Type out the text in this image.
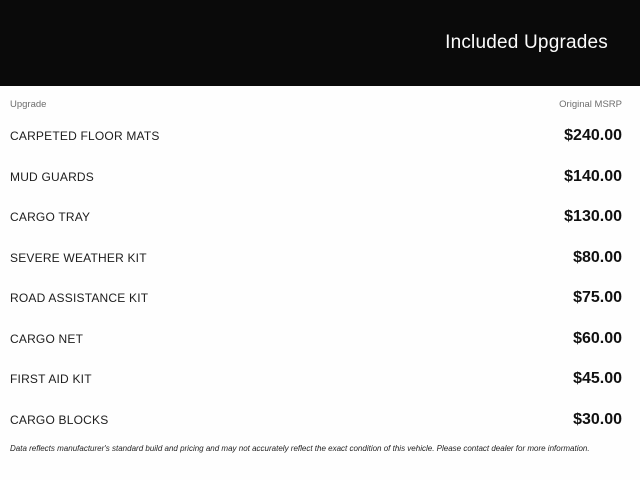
Included Upgrades
Upgrade	Original MSRP
CARPETED FLOOR MATS	$240.00
MUD GUARDS	$140.00
CARGO TRAY	$130.00
SEVERE WEATHER KIT	$80.00
ROAD ASSISTANCE KIT	$75.00
CARGO NET	$60.00
FIRST AID KIT	$45.00
CARGO BLOCKS	$30.00

Data reflects manufacturer's standard build and pricing and may not accurately reflect the exact condition of this vehicle. Please contact dealer for more information.
